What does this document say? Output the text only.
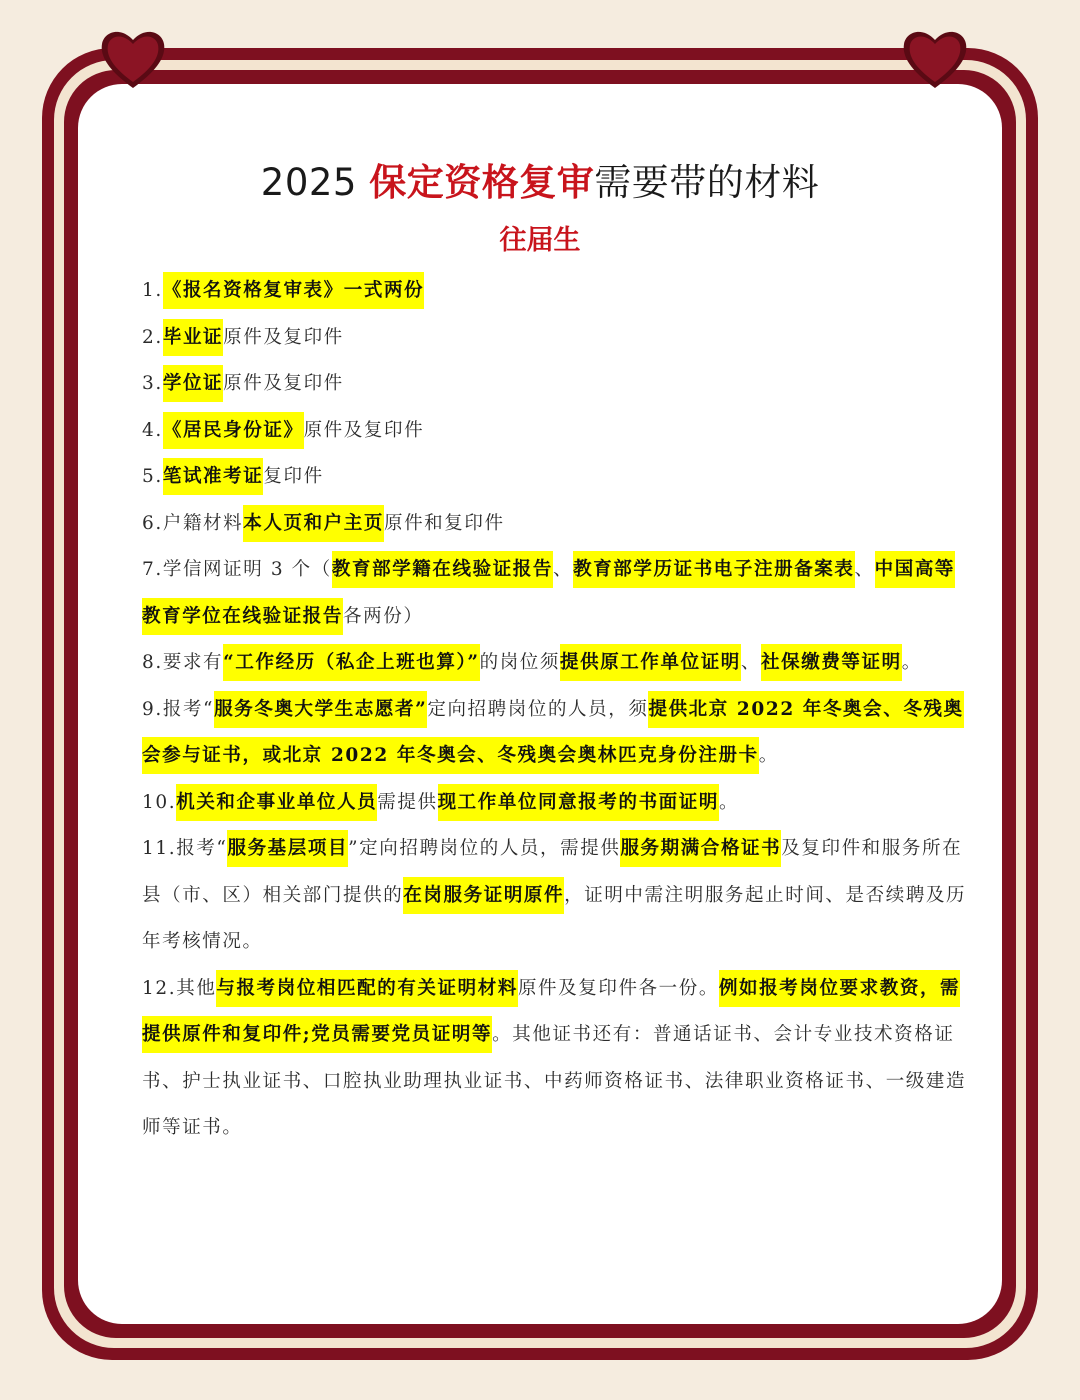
2025 保定资格复审需要带的材料
往届生

1.《报名资格复审表》一式两份

2.毕业证原件及复印件

3.学位证原件及复印件

4.《居民身份证》原件及复印件

5.笔试准考证复印件

6.户籍材料本人页和户主页原件和复印件

7.学信网证明 3 个（教育部学籍在线验证报告、教育部学历证书电子注册备案表、中国高等教育学位在线验证报告各两份）

8.要求有“工作经历（私企上班也算）”的岗位须提供原工作单位证明、社保缴费等证明。

9.报考“服务冬奥大学生志愿者”定向招聘岗位的人员，须提供北京 2022 年冬奥会、冬残奥会参与证书，或北京 2022 年冬奥会、冬残奥会奥林匹克身份注册卡。

10.机关和企事业单位人员需提供现工作单位同意报考的书面证明。

11.报考“服务基层项目”定向招聘岗位的人员，需提供服务期满合格证书及复印件和服务所在县（市、区）相关部门提供的在岗服务证明原件，证明中需注明服务起止时间、是否续聘及历年考核情况。

12.其他与报考岗位相匹配的有关证明材料原件及复印件各一份。例如报考岗位要求教资，需提供原件和复印件;党员需要党员证明等。其他证书还有：普通话证书、会计专业技术资格证书、护士执业证书、口腔执业助理执业证书、中药师资格证书、法律职业资格证书、一级建造师等证书。
